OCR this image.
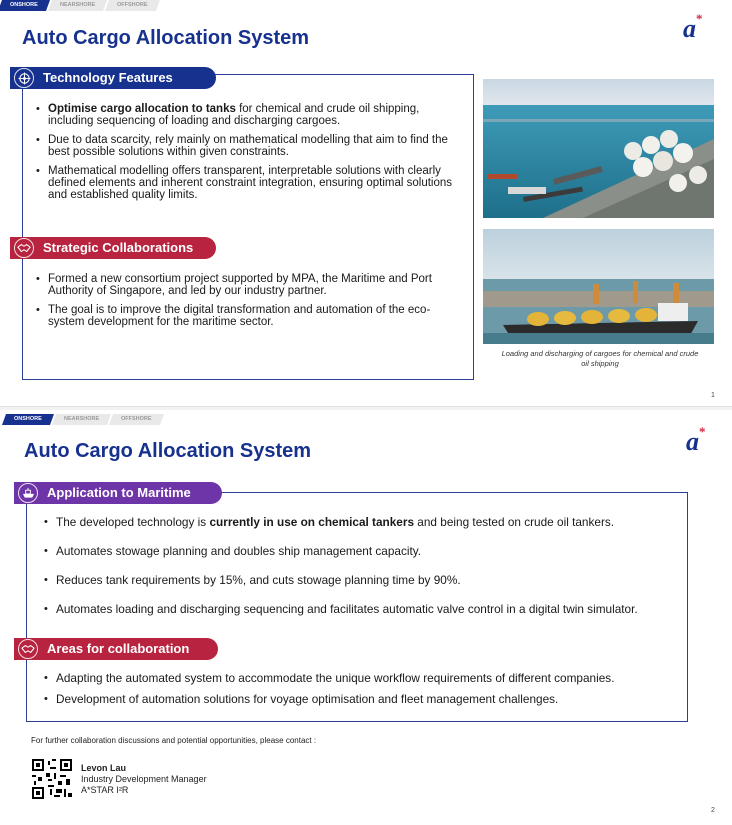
ONSHORE	NEARSHORE	OFFSHORE
Auto Cargo Allocation System	a*
Technology Features
• Optimise cargo allocation to tanks for chemical and crude oil shipping, including sequencing of loading and discharging cargoes.
• Due to data scarcity, rely mainly on mathematical modelling that aim to find the best possible solutions within given constraints.
• Mathematical modelling offers transparent, interpretable solutions with clearly defined elements and inherent constraint integration, ensuring optimal solutions and established quality limits.
Strategic Collaborations
• Formed a new consortium project supported by MPA, the Maritime and Port Authority of Singapore, and led by our industry partner.
• The goal is to improve the digital transformation and automation of the eco-system development for the maritime sector.
Loading and discharging of cargoes for chemical and crude oil shipping
1
ONSHORE	NEARSHORE	OFFSHORE
Auto Cargo Allocation System	a*
Application to Maritime
• The developed technology is currently in use on chemical tankers and being tested on crude oil tankers.
• Automates stowage planning and doubles ship management capacity.
• Reduces tank requirements by 15%, and cuts stowage planning time by 90%.
• Automates loading and discharging sequencing and facilitates automatic valve control in a digital twin simulator.
Areas for collaboration
• Adapting the automated system to accommodate the unique workflow requirements of different companies.
• Development of automation solutions for voyage optimisation and fleet management challenges.
For further collaboration discussions and potential opportunities, please contact :
Levon Lau
Industry Development Manager
A*STAR I²R
2
